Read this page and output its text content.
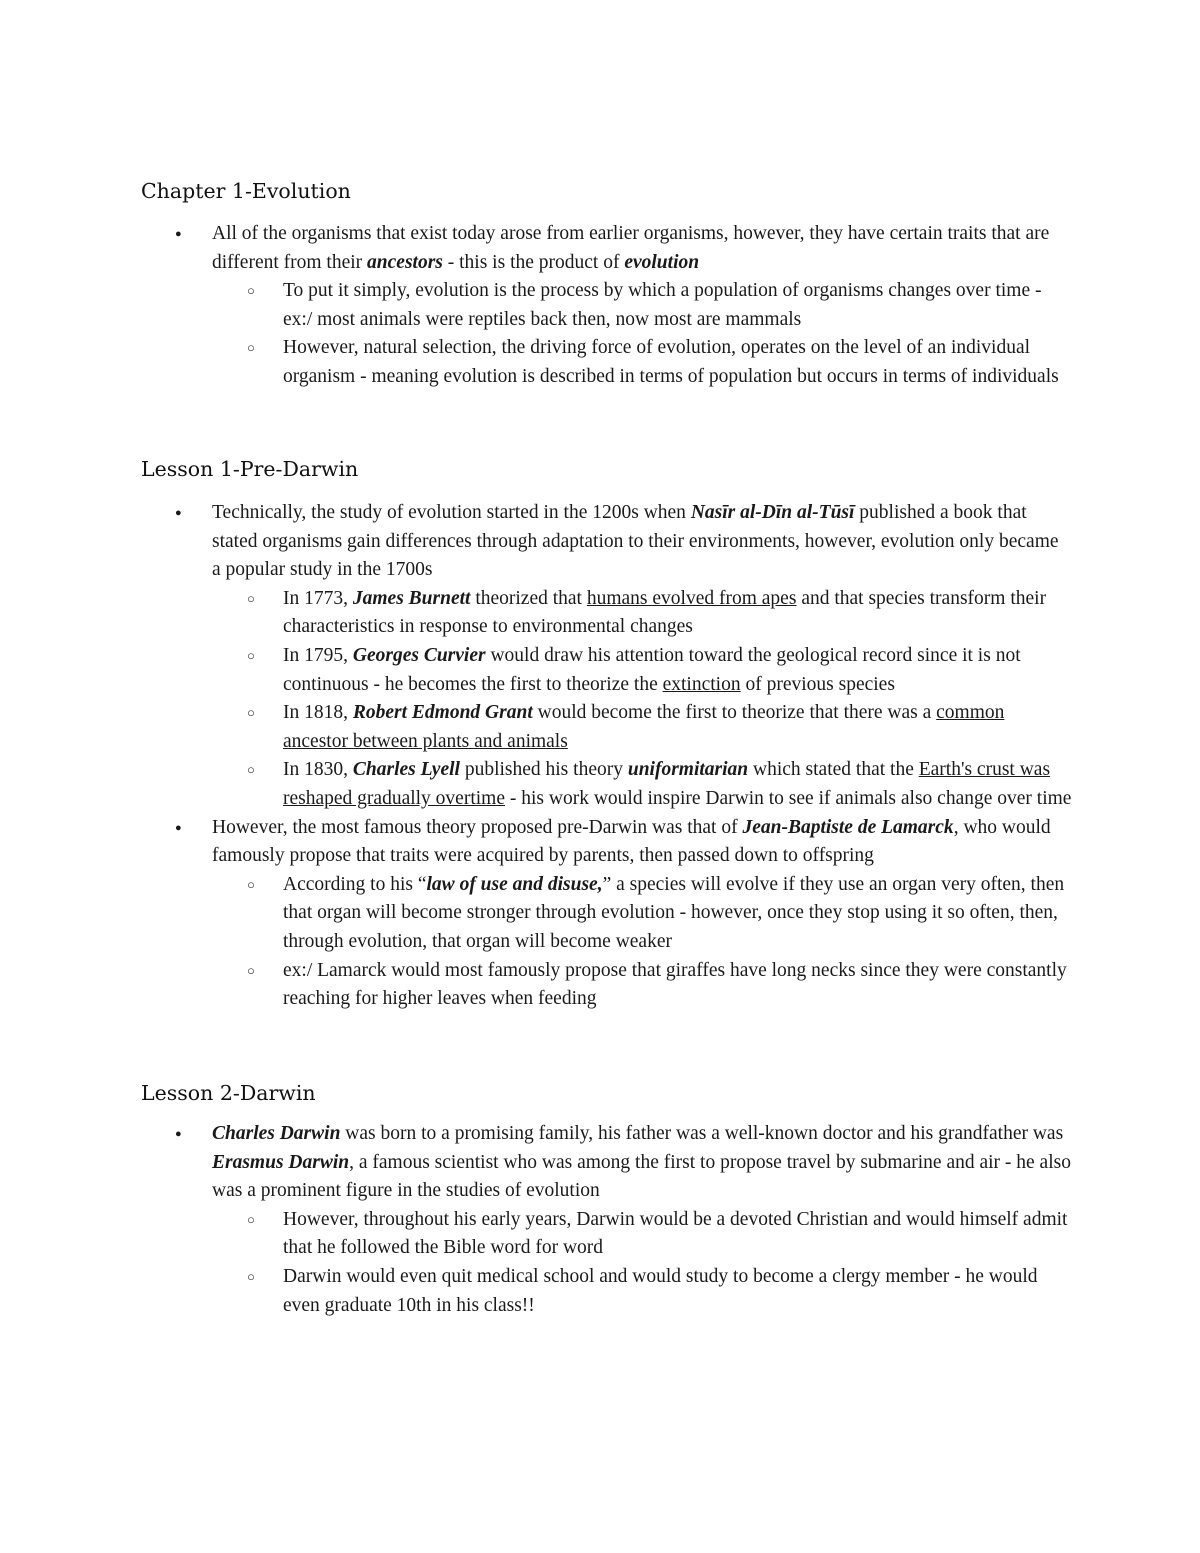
Chapter 1-Evolution
● All of the organisms that exist today arose from earlier organisms, however, they have certain traits that are different from their ancestors - this is the product of evolution
○ To put it simply, evolution is the process by which a population of organisms changes over time - ex:/ most animals were reptiles back then, now most are mammals
○ However, natural selection, the driving force of evolution, operates on the level of an individual organism - meaning evolution is described in terms of population but occurs in terms of individuals
Lesson 1-Pre-Darwin
● Technically, the study of evolution started in the 1200s when Nasīr al-Dīn al-Tūsī published a book that stated organisms gain differences through adaptation to their environments, however, evolution only became a popular study in the 1700s
○ In 1773, James Burnett theorized that humans evolved from apes and that species transform their characteristics in response to environmental changes
○ In 1795, Georges Curvier would draw his attention toward the geological record since it is not continuous - he becomes the first to theorize the extinction of previous species
○ In 1818, Robert Edmond Grant would become the first to theorize that there was a common ancestor between plants and animals
○ In 1830, Charles Lyell published his theory uniformitarian which stated that the Earth's crust was reshaped gradually overtime - his work would inspire Darwin to see if animals also change over time
● However, the most famous theory proposed pre-Darwin was that of Jean-Baptiste de Lamarck, who would famously propose that traits were acquired by parents, then passed down to offspring
○ According to his “law of use and disuse,” a species will evolve if they use an organ very often, then that organ will become stronger through evolution - however, once they stop using it so often, then, through evolution, that organ will become weaker
○ ex:/ Lamarck would most famously propose that giraffes have long necks since they were constantly reaching for higher leaves when feeding
Lesson 2-Darwin
● Charles Darwin was born to a promising family, his father was a well-known doctor and his grandfather was Erasmus Darwin, a famous scientist who was among the first to propose travel by submarine and air - he also was a prominent figure in the studies of evolution
○ However, throughout his early years, Darwin would be a devoted Christian and would himself admit that he followed the Bible word for word
○ Darwin would even quit medical school and would study to become a clergy member - he would even graduate 10th in his class!!
